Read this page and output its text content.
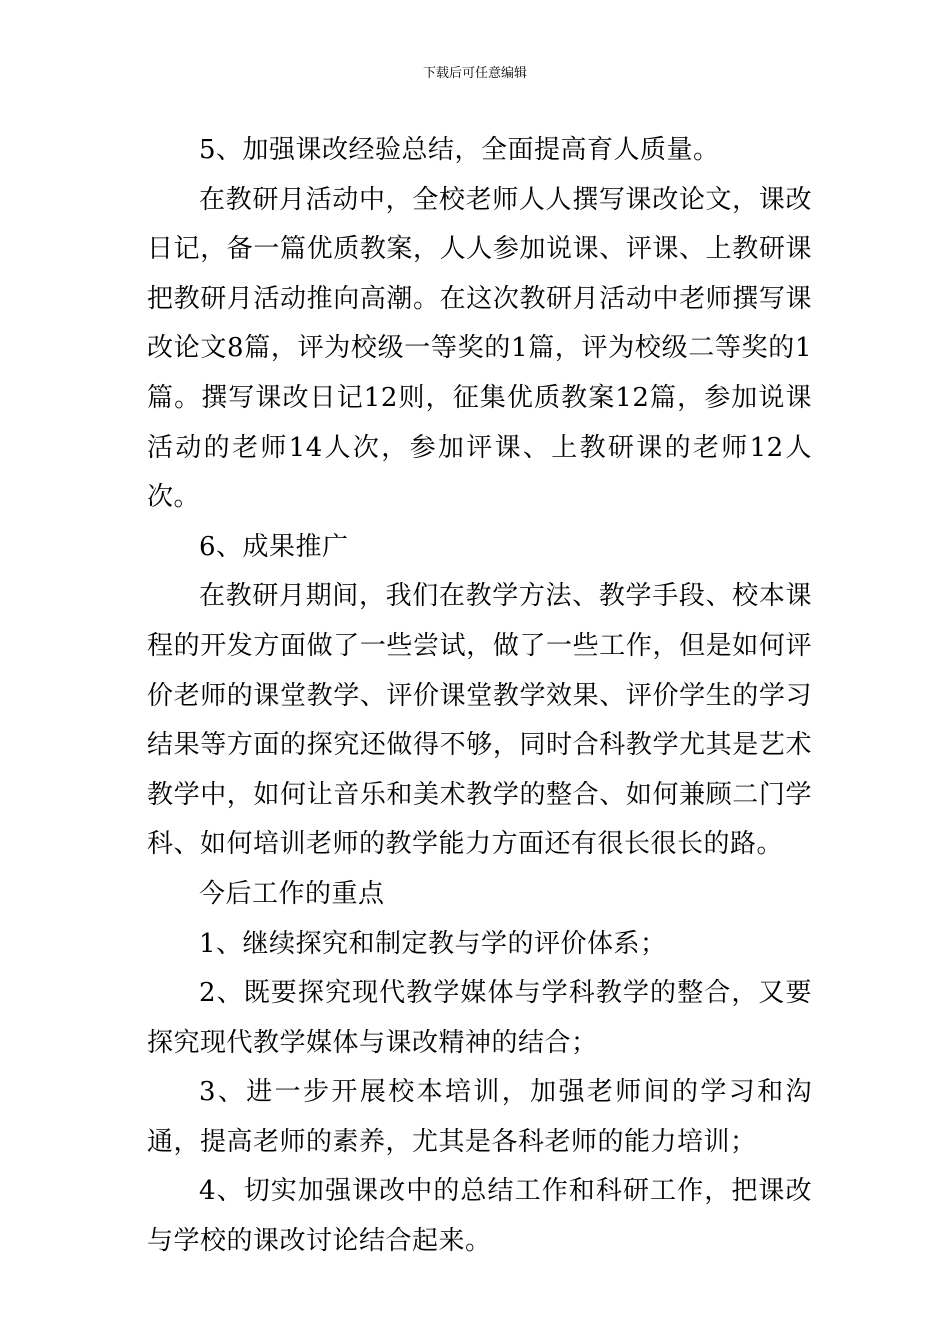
下载后可任意编辑

5、加强课改经验总结，全面提高育人质量。

在教研月活动中，全校老师人人撰写课改论文，课改日记，备一篇优质教案，人人参加说课、评课、上教研课把教研月活动推向高潮。在这次教研月活动中老师撰写课改论文8篇，评为校级一等奖的1篇，评为校级二等奖的1篇。撰写课改日记12则，征集优质教案12篇，参加说课活动的老师14人次，参加评课、上教研课的老师12人次。

6、成果推广

在教研月期间，我们在教学方法、教学手段、校本课程的开发方面做了一些尝试，做了一些工作，但是如何评价老师的课堂教学、评价课堂教学效果、评价学生的学习结果等方面的探究还做得不够，同时合科教学尤其是艺术教学中，如何让音乐和美术教学的整合、如何兼顾二门学科、如何培训老师的教学能力方面还有很长很长的路。

今后工作的重点

1、继续探究和制定教与学的评价体系；

2、既要探究现代教学媒体与学科教学的整合，又要探究现代教学媒体与课改精神的结合；

3、进一步开展校本培训，加强老师间的学习和沟通，提高老师的素养，尤其是各科老师的能力培训；

4、切实加强课改中的总结工作和科研工作，把课改与学校的课改讨论结合起来。
